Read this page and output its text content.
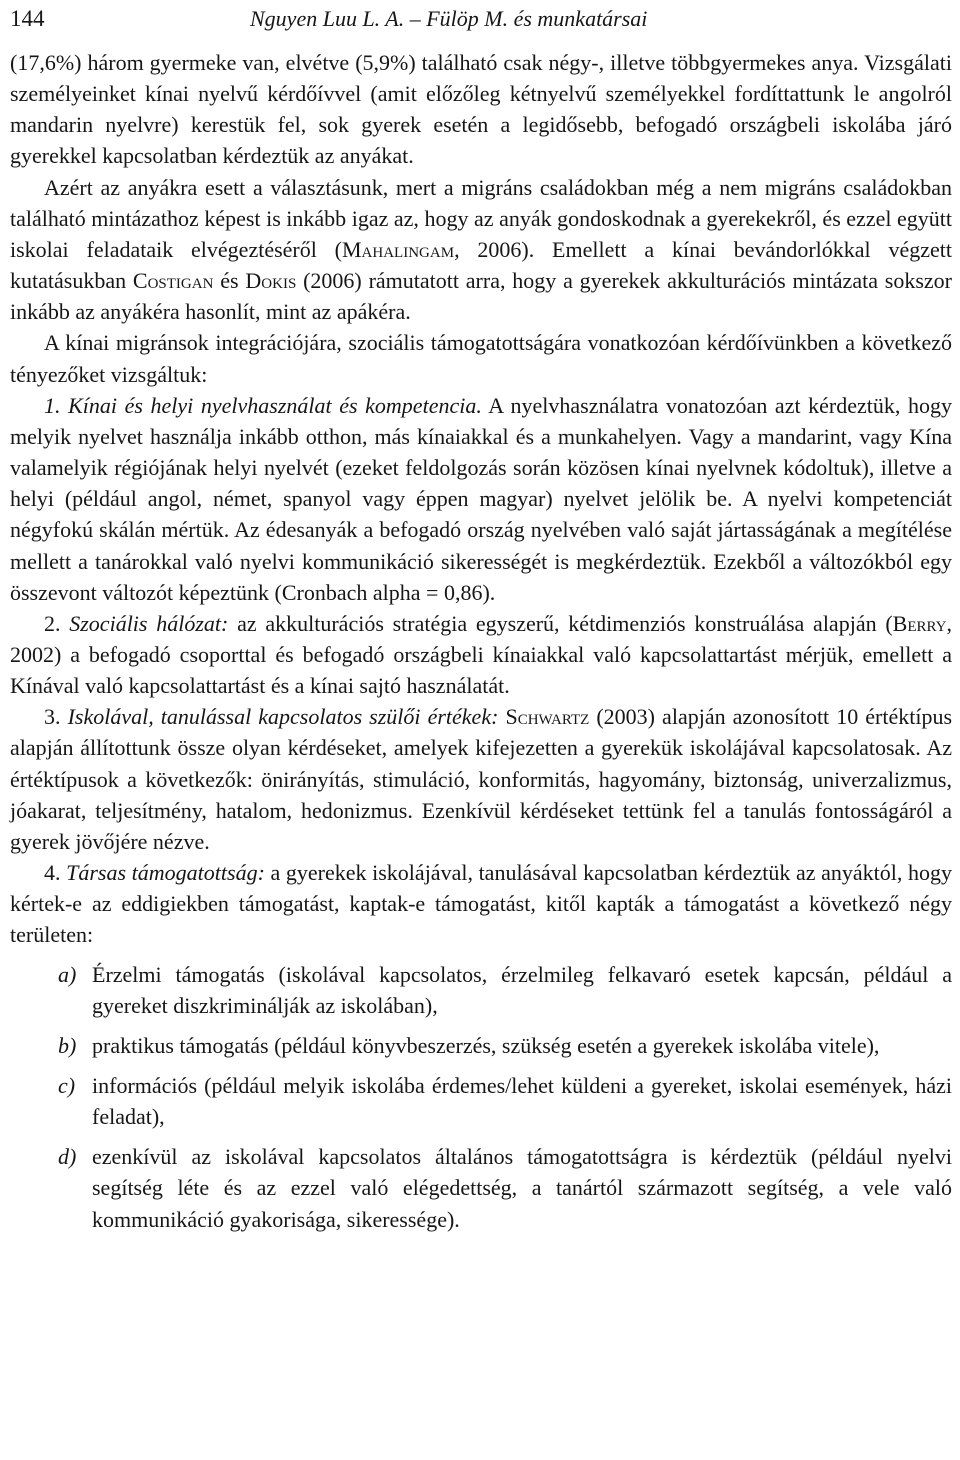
144	Nguyen Luu L. A. – Fülöp M. és munkatársai

(17,6%) három gyermeke van, elvétve (5,9%) található csak négy-, illetve többgyermekes anya. Vizsgálati személyeinket kínai nyelvű kérdőívvel (amit előzőleg kétnyelvű személyekkel fordíttattunk le angolról mandarin nyelvre) kerestük fel, sok gyerek esetén a legidősebb, befogadó országbeli iskolába járó gyerekkel kapcsolatban kérdeztük az anyákat.

Azért az anyákra esett a választásunk, mert a migráns családokban még a nem migráns családokban található mintázathoz képest is inkább igaz az, hogy az anyák gondoskodnak a gyerekekről, és ezzel együtt iskolai feladataik elvégeztéséről (Mahalingam, 2006). Emellett a kínai bevándorlókkal végzett kutatásukban Costigan és Dokis (2006) rámutatott arra, hogy a gyerekek akkulturációs mintázata sokszor inkább az anyákéra hasonlít, mint az apákéra.

A kínai migránsok integrációjára, szociális támogatottságára vonatkozóan kérdőívünkben a következő tényezőket vizsgáltuk:

1. Kínai és helyi nyelvhasználat és kompetencia. A nyelvhasználatra vonatozóan azt kérdeztük, hogy melyik nyelvet használja inkább otthon, más kínaiakkal és a munkahelyen. Vagy a mandarint, vagy Kína valamelyik régiójának helyi nyelvét (ezeket feldolgozás során közösen kínai nyelvnek kódoltuk), illetve a helyi (például angol, német, spanyol vagy éppen magyar) nyelvet jelölik be. A nyelvi kompetenciát négyfokú skálán mértük. Az édesanyák a befogadó ország nyelvében való saját jártasságának a megítélése mellett a tanárokkal való nyelvi kommunikáció sikerességét is megkérdeztük. Ezekből a változókból egy összevont változót képeztünk (Cronbach alpha = 0,86).

2. Szociális hálózat: az akkulturációs stratégia egyszerű, kétdimenziós konstruálása alapján (Berry, 2002) a befogadó csoporttal és befogadó országbeli kínaiakkal való kapcsolattartást mérjük, emellett a Kínával való kapcsolattartást és a kínai sajtó használatát.

3. Iskolával, tanulással kapcsolatos szülői értékek: Schwartz (2003) alapján azonosított 10 értéktípus alapján állítottunk össze olyan kérdéseket, amelyek kifejezetten a gyerekük iskolájával kapcsolatosak. Az értéktípusok a következők: önirányítás, stimuláció, konformitás, hagyomány, biztonság, univerzalizmus, jóakarat, teljesítmény, hatalom, hedonizmus. Ezenkívül kérdéseket tettünk fel a tanulás fontosságáról a gyerek jövőjére nézve.

4. Társas támogatottság: a gyerekek iskolájával, tanulásával kapcsolatban kérdeztük az anyáktól, hogy kértek-e az eddigiekben támogatást, kaptak-e támogatást, kitől kapták a támogatást a következő négy területen:

a) Érzelmi támogatás (iskolával kapcsolatos, érzelmileg felkavaró esetek kapcsán, például a gyereket diszkriminálják az iskolában),
b) praktikus támogatás (például könyvbeszerzés, szükség esetén a gyerekek iskolába vitele),
c) információs (például melyik iskolába érdemes/lehet küldeni a gyereket, iskolai események, házi feladat),
d) ezenkívül az iskolával kapcsolatos általános támogatottságra is kérdeztük (például nyelvi segítség léte és az ezzel való elégedettség, a tanártól származott segítség, a vele való kommunikáció gyakorisága, sikeressége).
